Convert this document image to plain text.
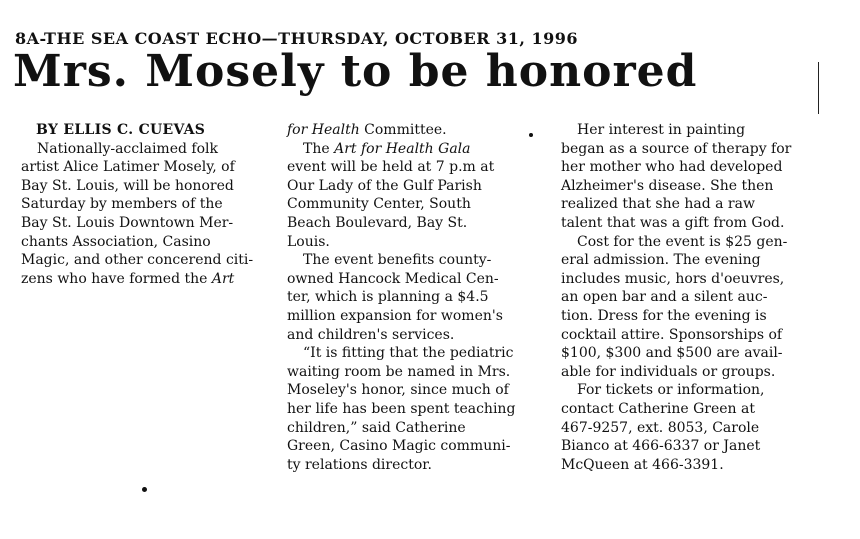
8A-THE SEA COAST ECHO—THURSDAY, OCTOBER 31, 1996
Mrs. Mosely to be honored
BY ELLIS C. CUEVAS
Nationally-acclaimed folk
artist Alice Latimer Mosely, of
Bay St. Louis, will be honored
Saturday by members of the
Bay St. Louis Downtown Mer-
chants Association, Casino
Magic, and other concerend citi-
zens who have formed the Art
for Health Committee.
The Art for Health Gala
event will be held at 7 p.m at
Our Lady of the Gulf Parish
Community Center, South
Beach Boulevard, Bay St.
Louis.
The event benefits county-
owned Hancock Medical Cen-
ter, which is planning a $4.5
million expansion for women's
and children's services.
“It is fitting that the pediatric
waiting room be named in Mrs.
Moseley's honor, since much of
her life has been spent teaching
children,” said Catherine
Green, Casino Magic communi-
ty relations director.
Her interest in painting
began as a source of therapy for
her mother who had developed
Alzheimer's disease. She then
realized that she had a raw
talent that was a gift from God.
Cost for the event is $25 gen-
eral admission. The evening
includes music, hors d'oeuvres,
an open bar and a silent auc-
tion. Dress for the evening is
cocktail attire. Sponsorships of
$100, $300 and $500 are avail-
able for individuals or groups.
For tickets or information,
contact Catherine Green at
467-9257, ext. 8053, Carole
Bianco at 466-6337 or Janet
McQueen at 466-3391.
